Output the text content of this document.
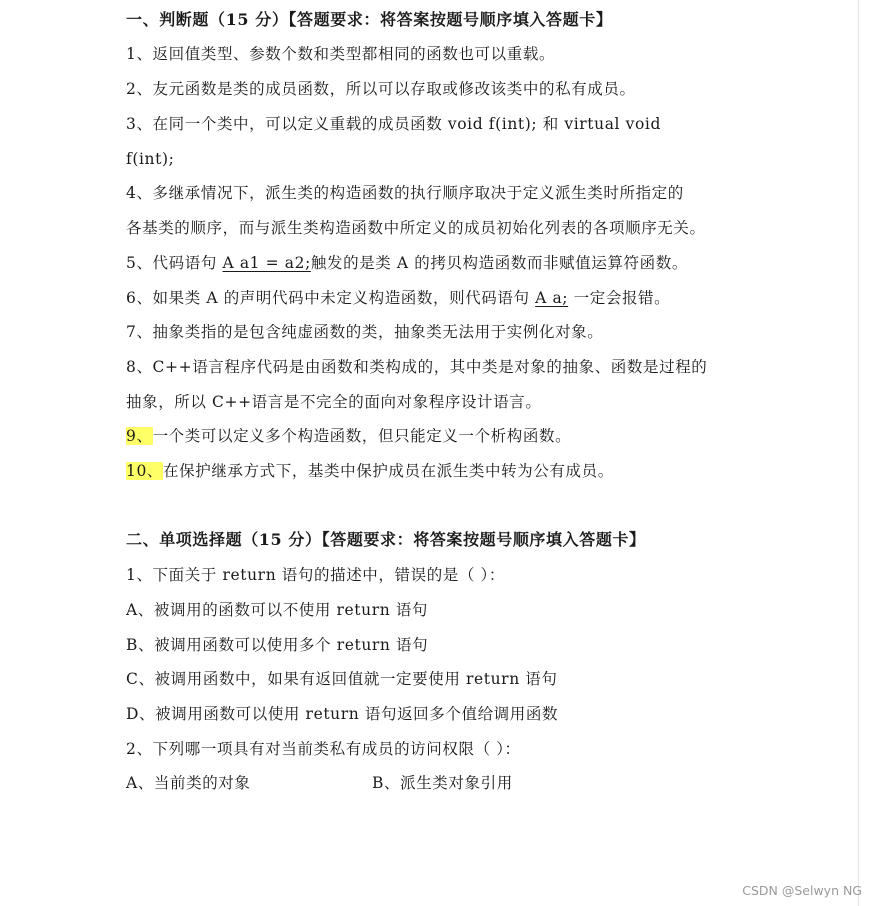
一、判断题（15 分）【答题要求：将答案按题号顺序填入答题卡】
1、返回值类型、参数个数和类型都相同的函数也可以重载。
2、友元函数是类的成员函数，所以可以存取或修改该类中的私有成员。
3、在同一个类中，可以定义重载的成员函数 void f(int); 和 virtual void
f(int);
4、多继承情况下，派生类的构造函数的执行顺序取决于定义派生类时所指定的
各基类的顺序，而与派生类构造函数中所定义的成员初始化列表的各项顺序无关。
5、代码语句 A a1 = a2;触发的是类 A 的拷贝构造函数而非赋值运算符函数。
6、如果类 A 的声明代码中未定义构造函数，则代码语句 A a; 一定会报错。
7、抽象类指的是包含纯虚函数的类，抽象类无法用于实例化对象。
8、C++语言程序代码是由函数和类构成的，其中类是对象的抽象、函数是过程的
抽象，所以 C++语言是不完全的面向对象程序设计语言。
9、一个类可以定义多个构造函数，但只能定义一个析构函数。
10、在保护继承方式下，基类中保护成员在派生类中转为公有成员。
二、单项选择题（15 分）【答题要求：将答案按题号顺序填入答题卡】
1、下面关于 return 语句的描述中，错误的是（ ）：
A、被调用的函数可以不使用 return 语句
B、被调用函数可以使用多个 return 语句
C、被调用函数中，如果有返回值就一定要使用 return 语句
D、被调用函数可以使用 return 语句返回多个值给调用函数
2、下列哪一项具有对当前类私有成员的访问权限（ ）：
A、当前类的对象	B、派生类对象引用
CSDN @Selwyn NG
